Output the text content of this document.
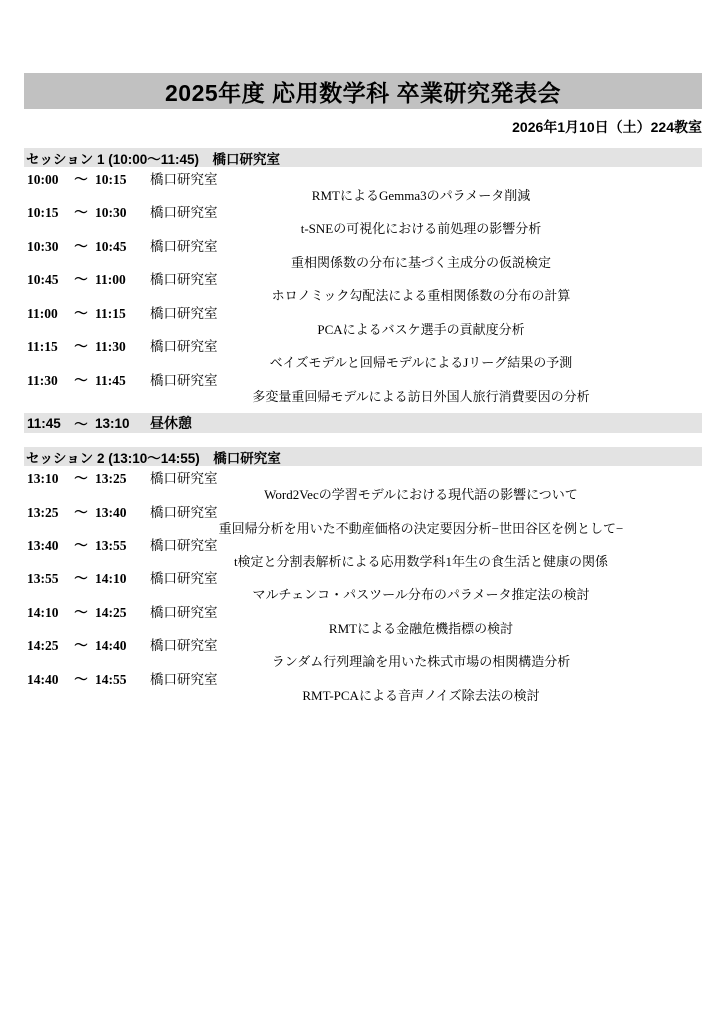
2025年度 応用数学科 卒業研究発表会
2026年1月10日（土）224教室
セッション 1 (10:00～11:45)　橋口研究室
10:00	～ 10:15	橋口研究室
RMTによるGemma3のパラメータ削減
10:15	～ 10:30	橋口研究室
t-SNEの可視化における前処理の影響分析
10:30	～ 10:45	橋口研究室
重相関係数の分布に基づく主成分の仮説検定
10:45	～ 11:00	橋口研究室
ホロノミック勾配法による重相関係数の分布の計算
11:00	～ 11:15	橋口研究室
PCAによるバスケ選手の貢献度分析
11:15	～ 11:30	橋口研究室
ベイズモデルと回帰モデルによるJリーグ結果の予測
11:30	～ 11:45	橋口研究室
多変量重回帰モデルによる訪日外国人旅行消費要因の分析
11:45 ～ 13:10	昼休憩
セッション 2 (13:10～14:55)　橋口研究室
13:10	～ 13:25	橋口研究室
Word2Vecの学習モデルにおける現代語の影響について
13:25	～ 13:40	橋口研究室
重回帰分析を用いた不動産価格の決定要因分析−世田谷区を例として−
13:40	～ 13:55	橋口研究室
t検定と分割表解析による応用数学科1年生の食生活と健康の関係
13:55	～ 14:10	橋口研究室
マルチェンコ・パスツール分布のパラメータ推定法の検討
14:10	～ 14:25	橋口研究室
RMTによる金融危機指標の検討
14:25	～ 14:40	橋口研究室
ランダム行列理論を用いた株式市場の相関構造分析
14:40	～ 14:55	橋口研究室
RMT-PCAによる音声ノイズ除去法の検討
